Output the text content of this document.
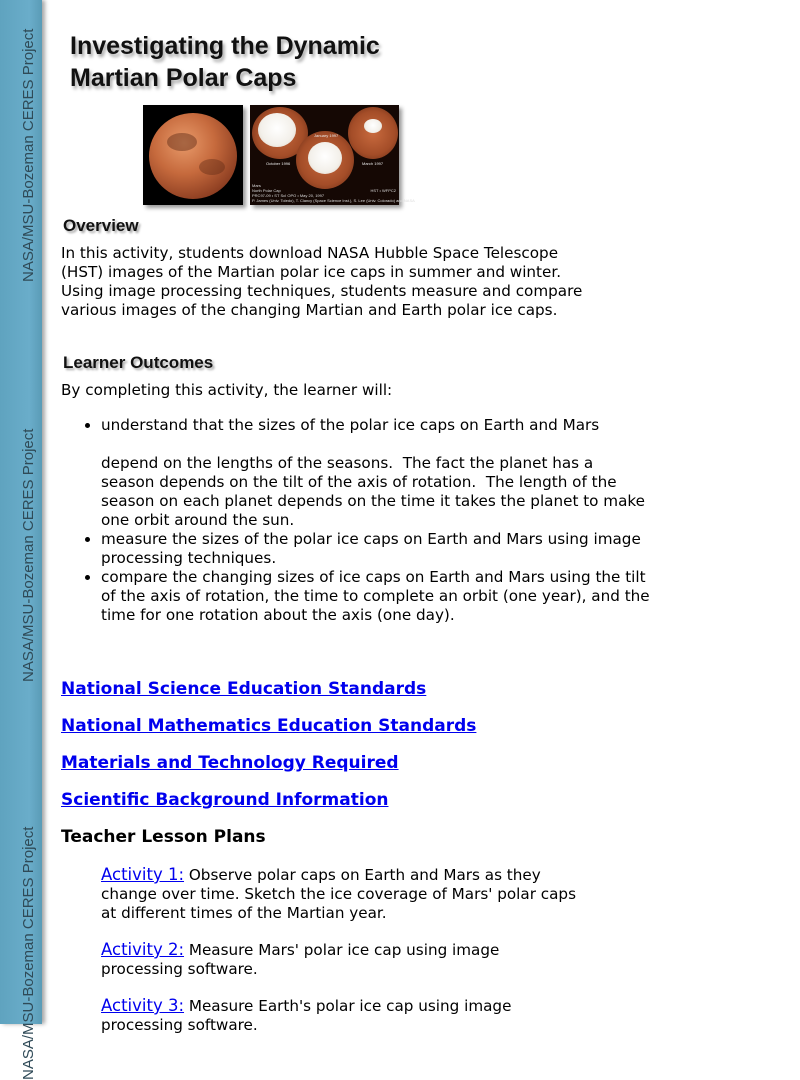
NASA/MSU-Bozeman CERES Project
NASA/MSU-Bozeman CERES Project
NASA/MSU-Bozeman CERES Project
Investigating the Dynamic
Martian Polar Caps
January 1997
October 1996	March 1997
HST • WFPC2
Mars
North Polar Cap
PRC97-09 • ST ScI OPO • May 20, 1997
P. James (Univ. Toledo), T. Clancy (Space Science Inst.), S. Lee (Univ. Colorado) and NASA
Overview

In this activity, students download NASA Hubble Space Telescope (HST) images of the Martian polar ice caps in summer and winter. Using image processing techniques, students measure and compare various images of the changing Martian and Earth polar ice caps.

Learner Outcomes

By completing this activity, the learner will:

• understand that the sizes of the polar ice caps on Earth and Mars
depend on the lengths of the seasons.  The fact the planet has a season depends on the tilt of the axis of rotation.  The length of the season on each planet depends on the time it takes the planet to make one orbit around the sun.
• measure the sizes of the polar ice caps on Earth and Mars using image processing techniques.
• compare the changing sizes of ice caps on Earth and Mars using the tilt of the axis of rotation, the time to complete an orbit (one year), and the time for one rotation about the axis (one day).
National Science Education Standards
National Mathematics Education Standards
Materials and Technology Required
Scientific Background Information
Teacher Lesson Plans

Activity 1: Observe polar caps on Earth and Mars as they change over time. Sketch the ice coverage of Mars' polar caps at different times of the Martian year.

Activity 2: Measure Mars' polar ice cap using image processing software.

Activity 3: Measure Earth's polar ice cap using image processing software.
